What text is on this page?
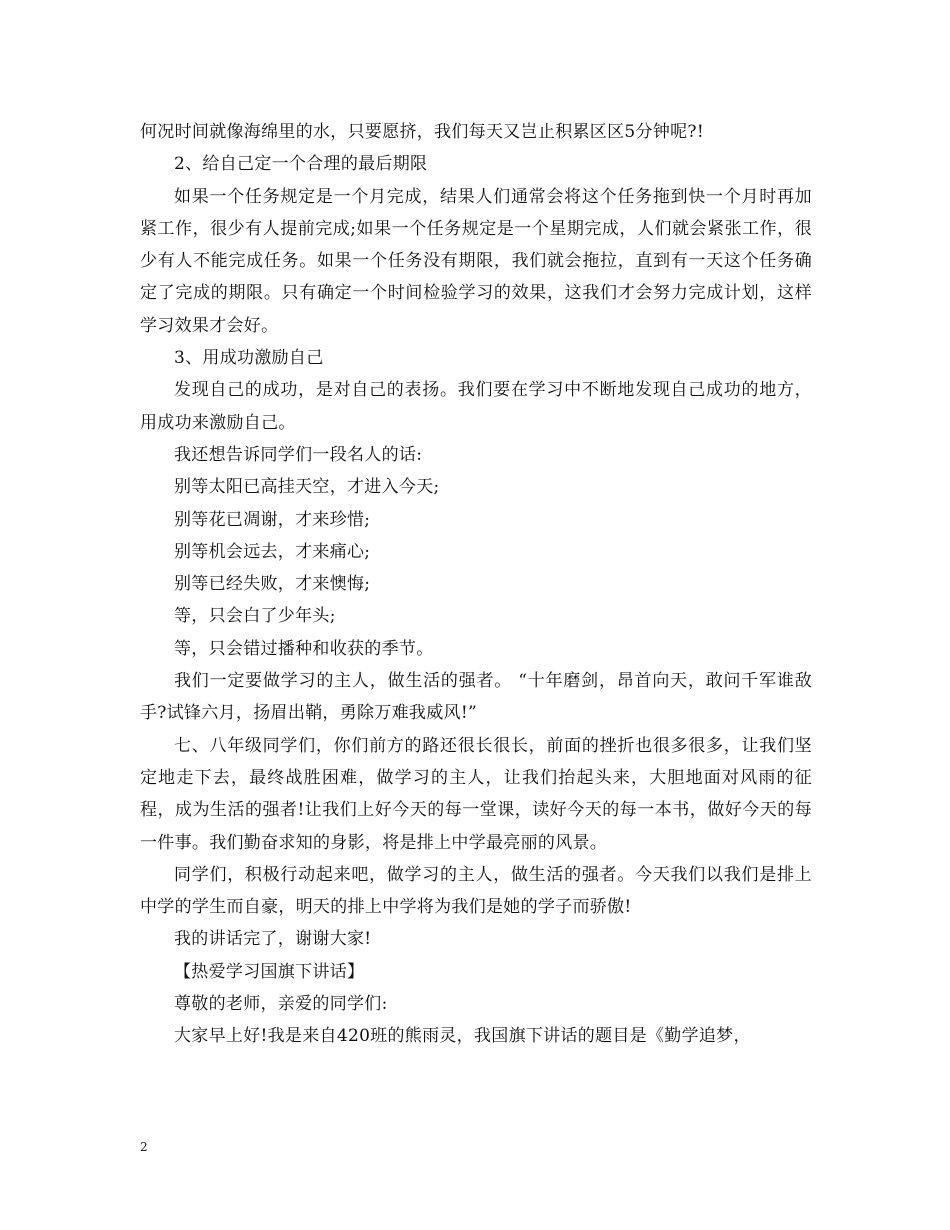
何况时间就像海绵里的水，只要愿挤，我们每天又岂止积累区区5分钟呢?!

2、给自己定一个合理的最后期限

如果一个任务规定是一个月完成，结果人们通常会将这个任务拖到快一个月时再加紧工作，很少有人提前完成;如果一个任务规定是一个星期完成，人们就会紧张工作，很少有人不能完成任务。如果一个任务没有期限，我们就会拖拉，直到有一天这个任务确定了完成的期限。只有确定一个时间检验学习的效果，这我们才会努力完成计划，这样学习效果才会好。

3、用成功激励自己

发现自己的成功，是对自己的表扬。我们要在学习中不断地发现自己成功的地方，用成功来激励自己。

我还想告诉同学们一段名人的话:

别等太阳已高挂天空，才进入今天;

别等花已凋谢，才来珍惜;

别等机会远去，才来痛心;

别等已经失败，才来懊悔;

等，只会白了少年头;

等，只会错过播种和收获的季节。

我们一定要做学习的主人，做生活的强者。 “十年磨剑，昂首向天，敢问千军谁敌手?试锋六月，扬眉出鞘，勇除万难我威风!”

七、八年级同学们，你们前方的路还很长很长，前面的挫折也很多很多，让我们坚定地走下去，最终战胜困难，做学习的主人，让我们抬起头来，大胆地面对风雨的征程，成为生活的强者!让我们上好今天的每一堂课，读好今天的每一本书，做好今天的每一件事。我们勤奋求知的身影，将是排上中学最亮丽的风景。

同学们，积极行动起来吧，做学习的主人，做生活的强者。今天我们以我们是排上中学的学生而自豪，明天的排上中学将为我们是她的学子而骄傲!

我的讲话完了，谢谢大家!

【热爱学习国旗下讲话】

尊敬的老师，亲爱的同学们:

大家早上好!我是来自420班的熊雨灵，我国旗下讲话的题目是《勤学追梦，

2
